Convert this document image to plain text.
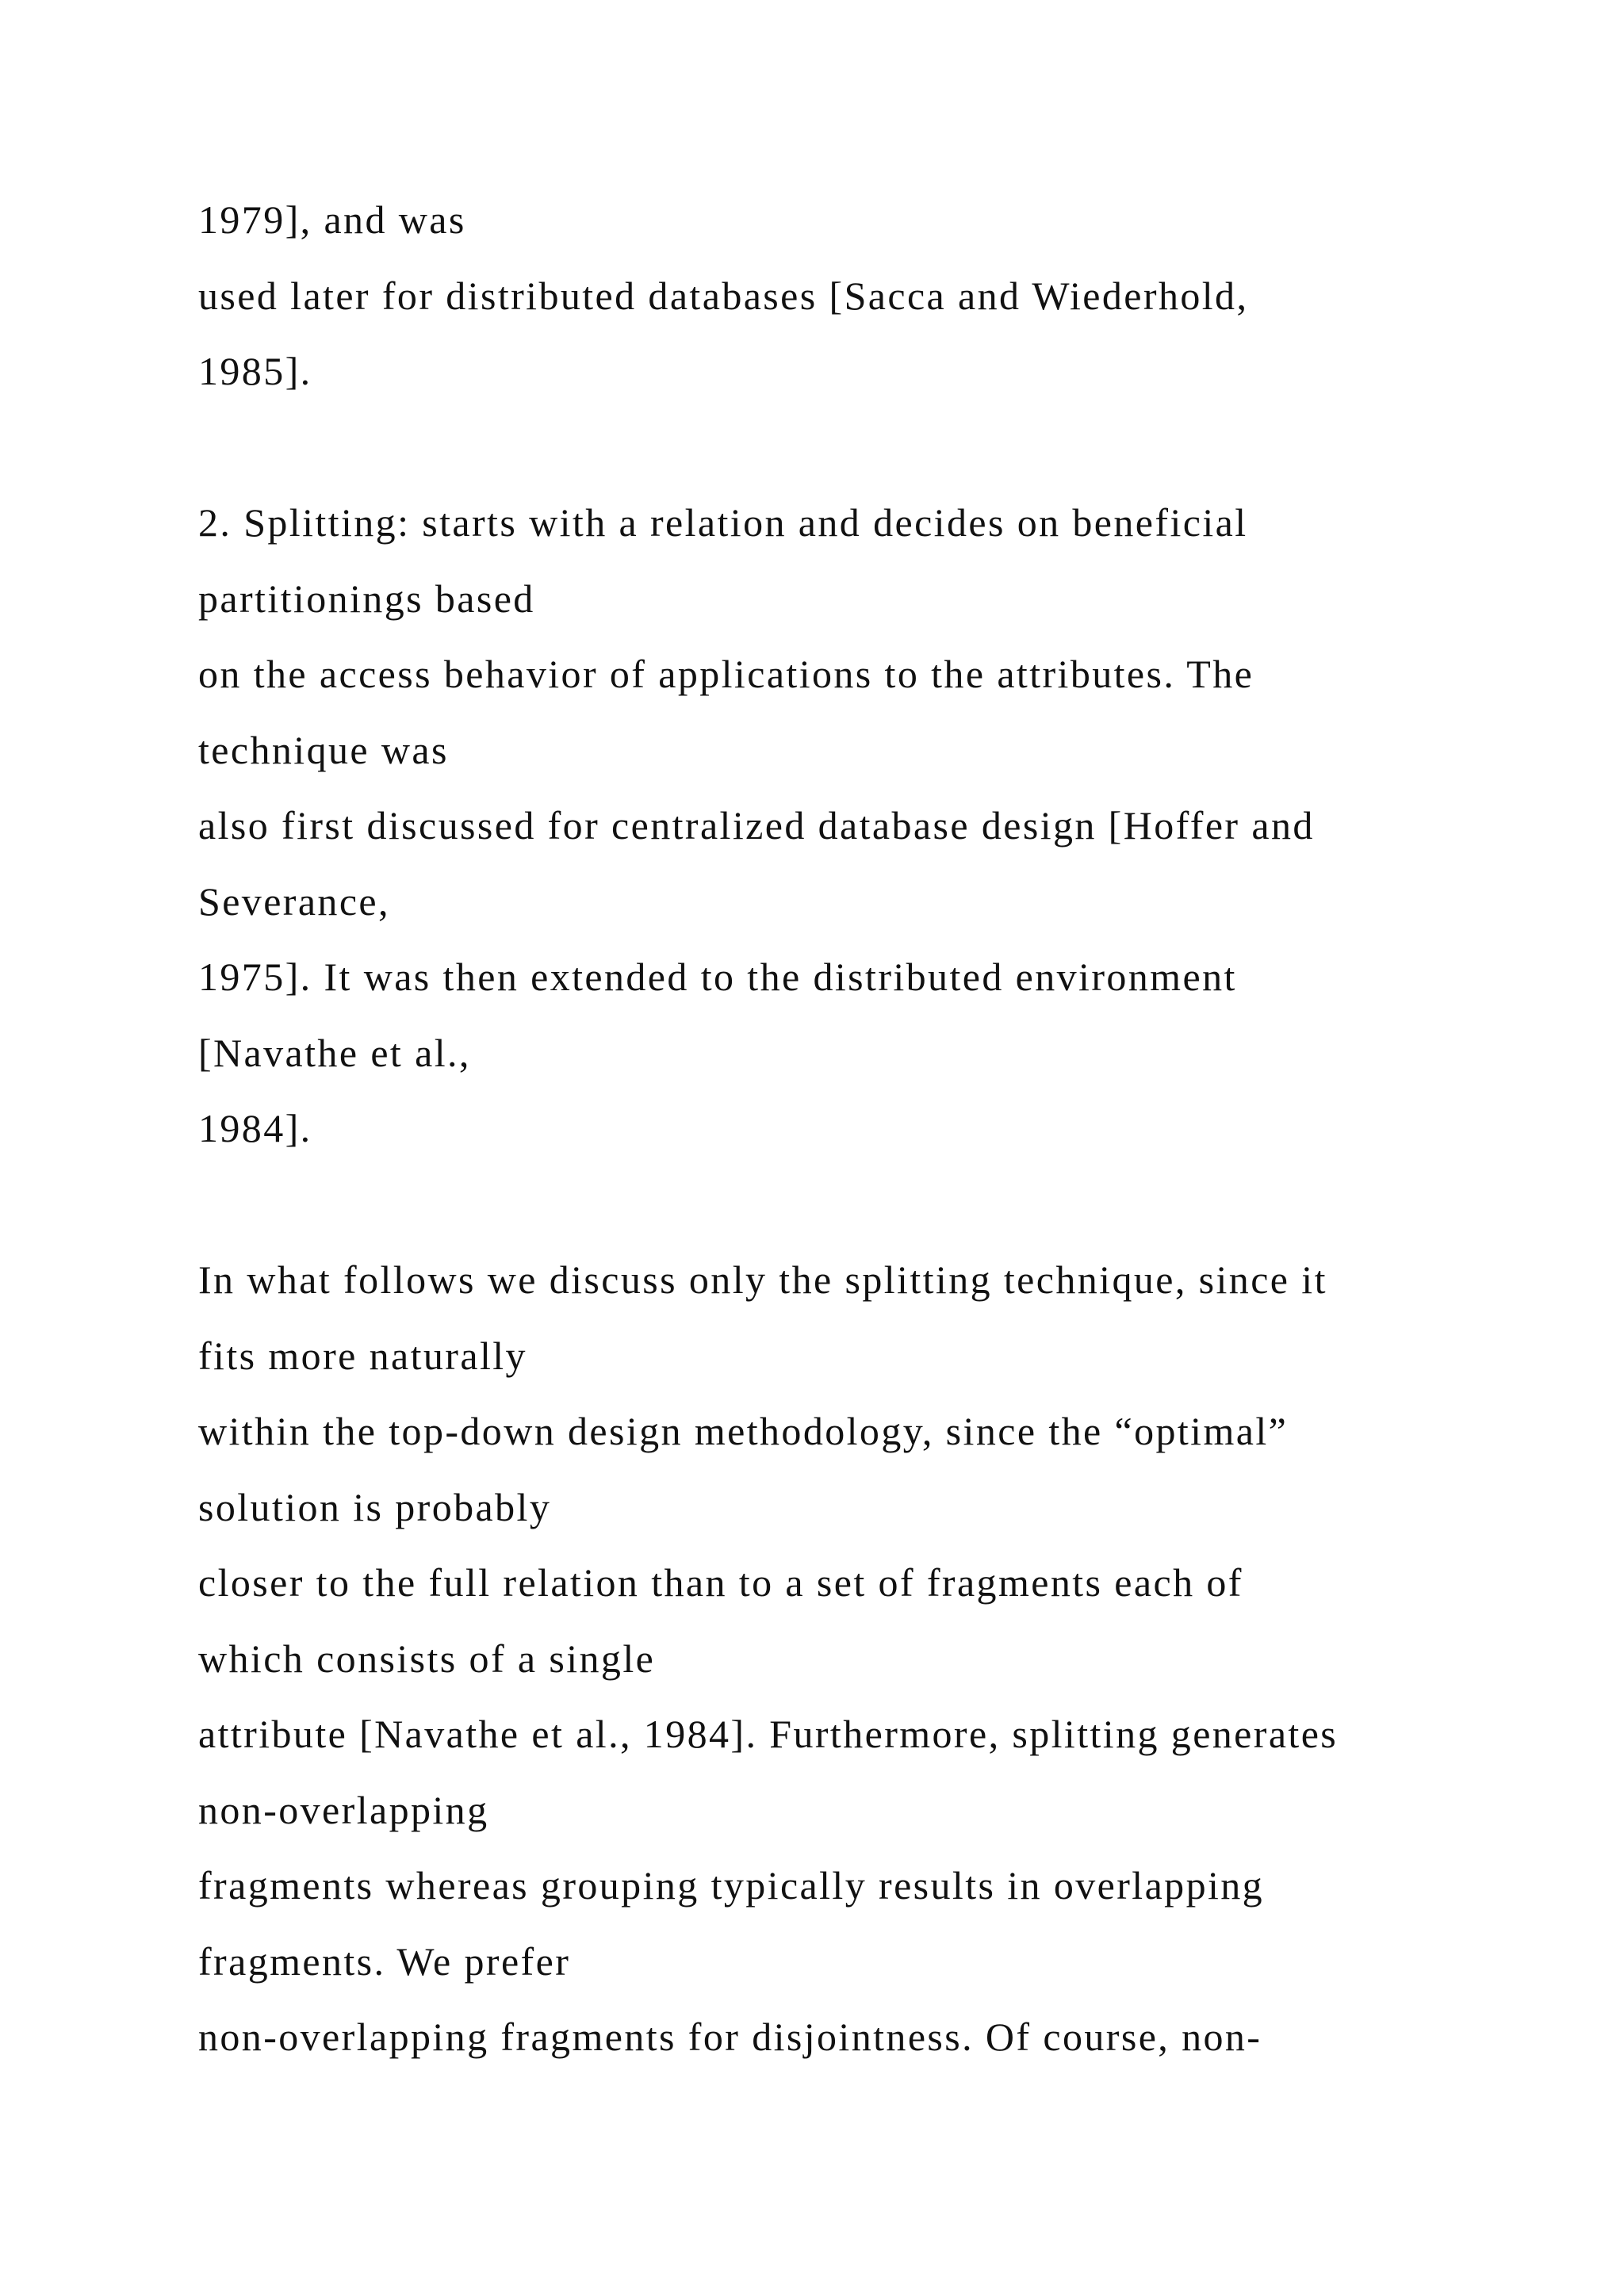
1979], and was
used later for distributed databases [Sacca and Wiederhold,
1985].
2. Splitting: starts with a relation and decides on beneficial
partitionings based
on the access behavior of applications to the attributes. The
technique was
also first discussed for centralized database design [Hoffer and
Severance,
1975]. It was then extended to the distributed environment
[Navathe et al.,
1984].
In what follows we discuss only the splitting technique, since it
fits more naturally
within the top-down design methodology, since the “optimal”
solution is probably
closer to the full relation than to a set of fragments each of
which consists of a single
attribute [Navathe et al., 1984]. Furthermore, splitting generates
non-overlapping
fragments whereas grouping typically results in overlapping
fragments. We prefer
non-overlapping fragments for disjointness. Of course, non-
